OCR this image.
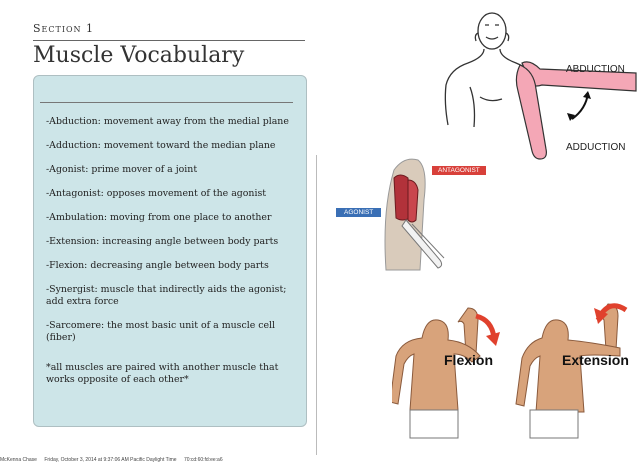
Section 1
Muscle Vocabulary
-Abduction: movement away from the medial plane
-Adduction: movement toward the median plane
-Agonist: prime mover of a joint
-Antagonist: opposes movement of the agonist
-Ambulation: moving from one place to another
-Extension: increasing angle between body parts
-Flexion: decreasing angle between body parts
-Synergist: muscle that indirectly aids the agonist; add extra force
-Sarcomere: the most basic unit of a muscle cell (fiber)
*all muscles are paired with another muscle that works opposite of each other*
ABDUCTION
ADDUCTION
ANTAGONIST
AGONIST
Flexion	Extension
McKenna Chase Friday, October 3, 2014 at 9:37:06 AM Pacific Daylight Time 70:cd:60:fd:ee:a6
